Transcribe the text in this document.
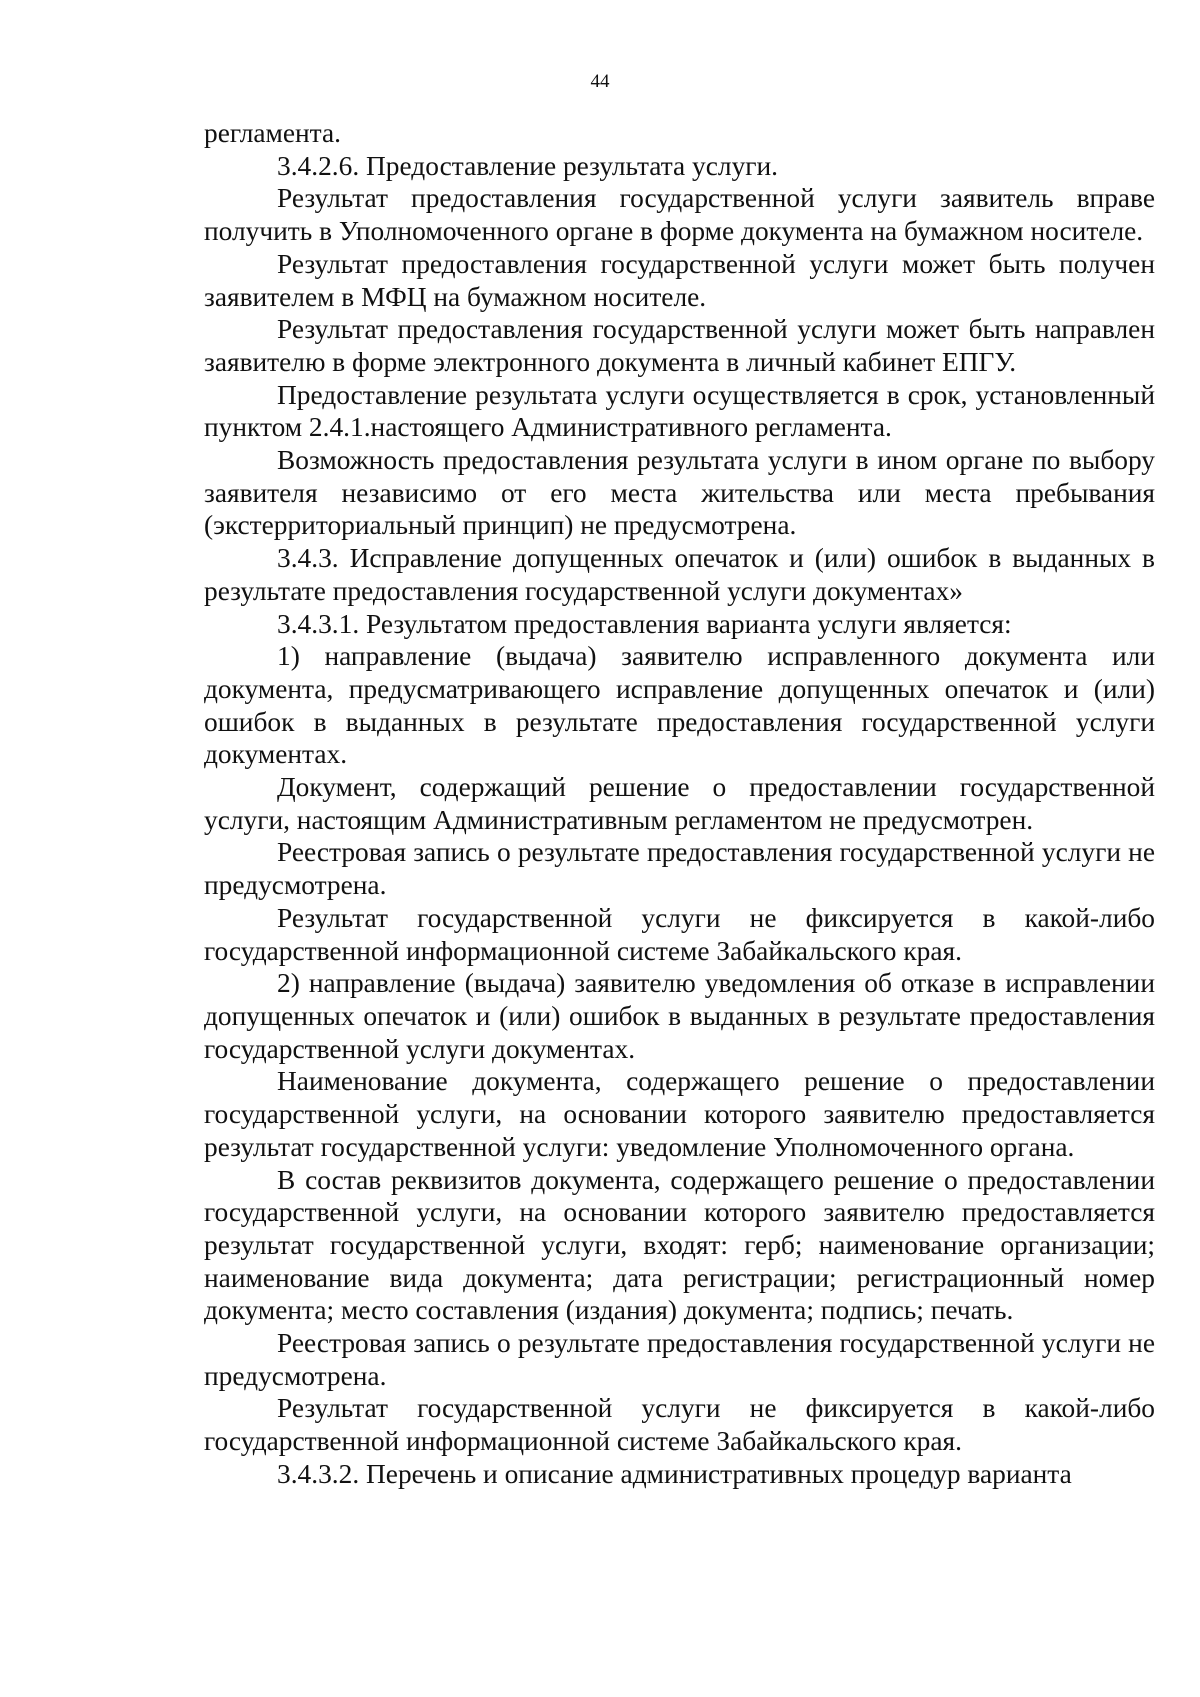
44

регламента.

3.4.2.6. Предоставление результата услуги.

Результат предоставления государственной услуги заявитель вправе получить в Уполномоченного органе в форме документа на бумажном носителе.

Результат предоставления государственной услуги может быть получен заявителем в МФЦ на бумажном носителе.

Результат предоставления государственной услуги может быть направлен заявителю в форме электронного документа в личный кабинет ЕПГУ.

Предоставление результата услуги осуществляется в срок, установленный пунктом 2.4.1.настоящего Административного регламента.

Возможность предоставления результата услуги в ином органе по выбору заявителя независимо от его места жительства или места пребывания (экстерриториальный принцип) не предусмотрена.

3.4.3. Исправление допущенных опечаток и (или) ошибок в выданных в результате предоставления государственной услуги документах»

3.4.3.1. Результатом предоставления варианта услуги является:

1) направление (выдача) заявителю исправленного документа или документа, предусматривающего исправление допущенных опечаток и (или) ошибок в выданных в результате предоставления государственной услуги документах.

Документ, содержащий решение о предоставлении государственной услуги, настоящим Административным регламентом не предусмотрен.

Реестровая запись о результате предоставления государственной услуги не предусмотрена.

Результат государственной услуги не фиксируется в какой-либо государственной информационной системе Забайкальского края.

2) направление (выдача) заявителю уведомления об отказе в исправлении допущенных опечаток и (или) ошибок в выданных в результате предоставления государственной услуги документах.

Наименование документа, содержащего решение о предоставлении государственной услуги, на основании которого заявителю предоставляется результат государственной услуги: уведомление Уполномоченного органа.

В состав реквизитов документа, содержащего решение о предоставлении государственной услуги, на основании которого заявителю предоставляется результат государственной услуги, входят: герб; наименование организации; наименование вида документа; дата регистрации; регистрационный номер документа; место составления (издания) документа; подпись; печать.

Реестровая запись о результате предоставления государственной услуги не предусмотрена.

Результат государственной услуги не фиксируется в какой-либо государственной информационной системе Забайкальского края.

3.4.3.2. Перечень и описание административных процедур варианта
